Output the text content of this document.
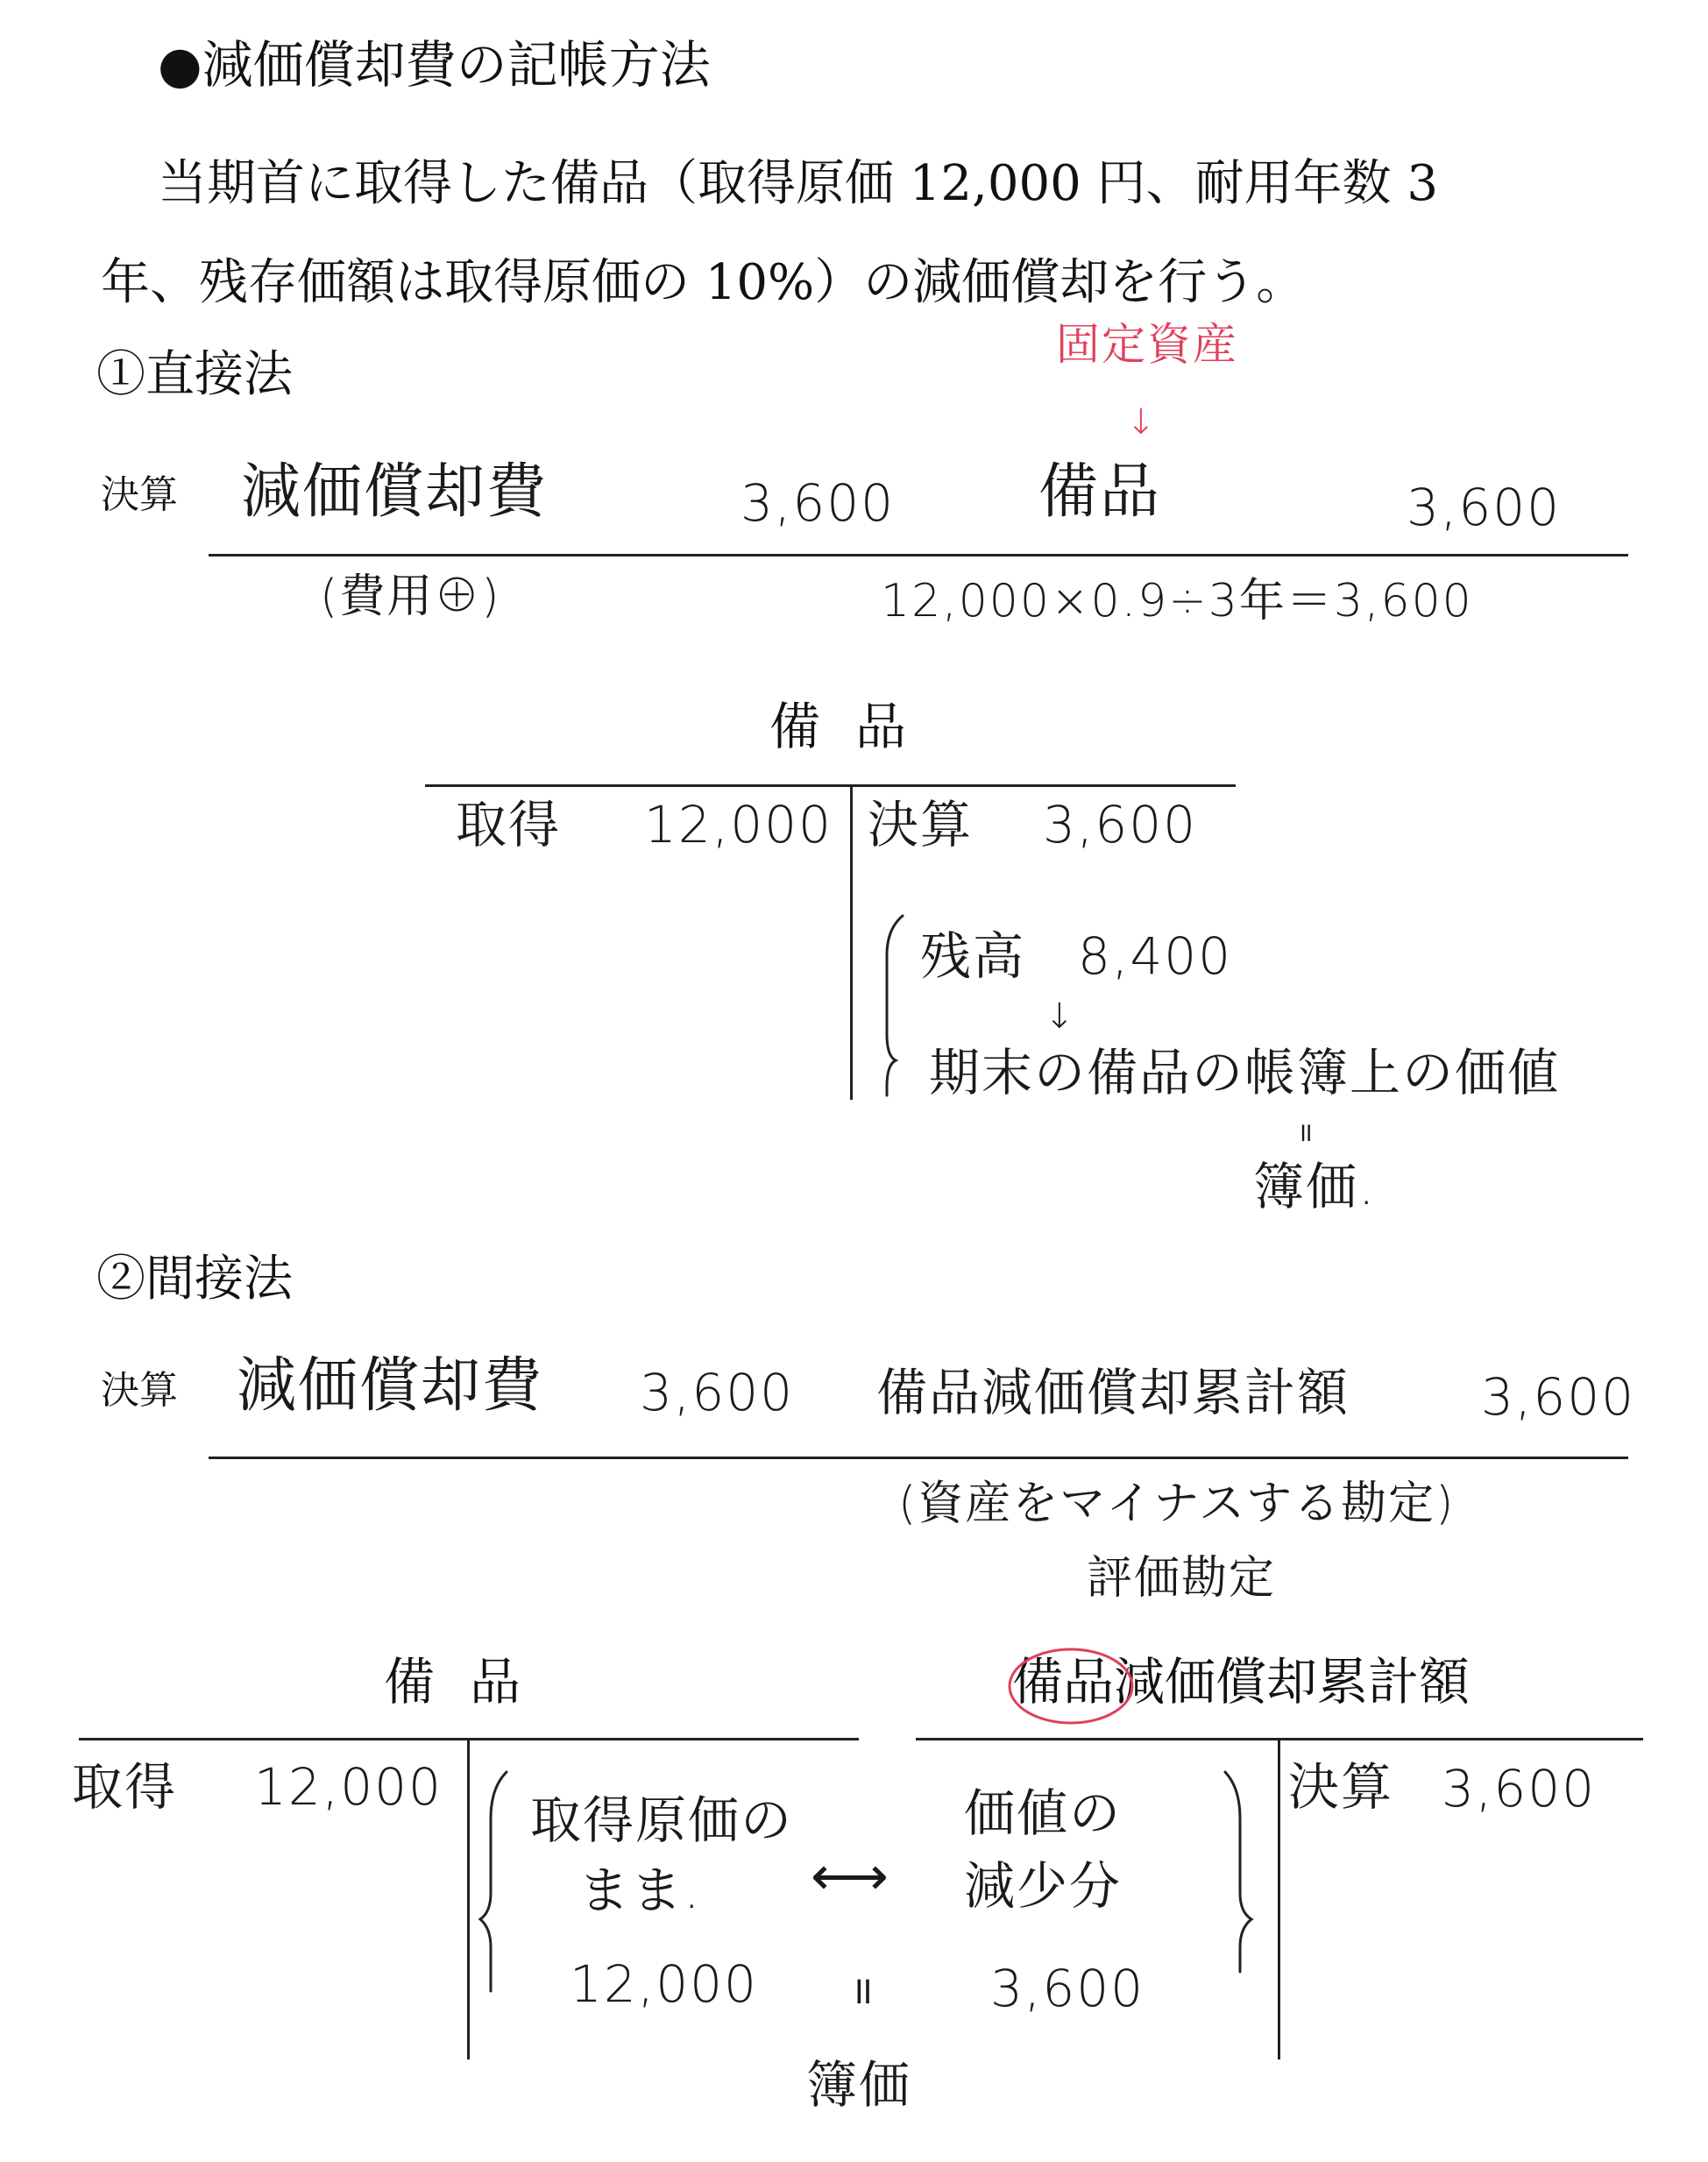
●減価償却費の記帳方法
当期首に取得した備品（取得原価 12,000 円、耐用年数 3
年、残存価額は取得原価の 10%）の減価償却を行う。
①直接法
固定資産
↓
決算 減価償却費	3,600 備品	3,600
(費用⊕)	12,000×0.9÷3年＝3,600
備品
取得 12,000 決算 3,600
残高 8,400
↓
期末の備品の帳簿上の価値
॥
簿価.
②間接法
決算 減価償却費 3,600 備品減価償却累計額	3,600
(資産をマイナスする勘定)
評価勘定
備品
取得 12,000
取得原価の
まま.
12,000
備品減価償却累計額
決算 3,600
価値の
減少分
3,600
⟷
॥
簿価
